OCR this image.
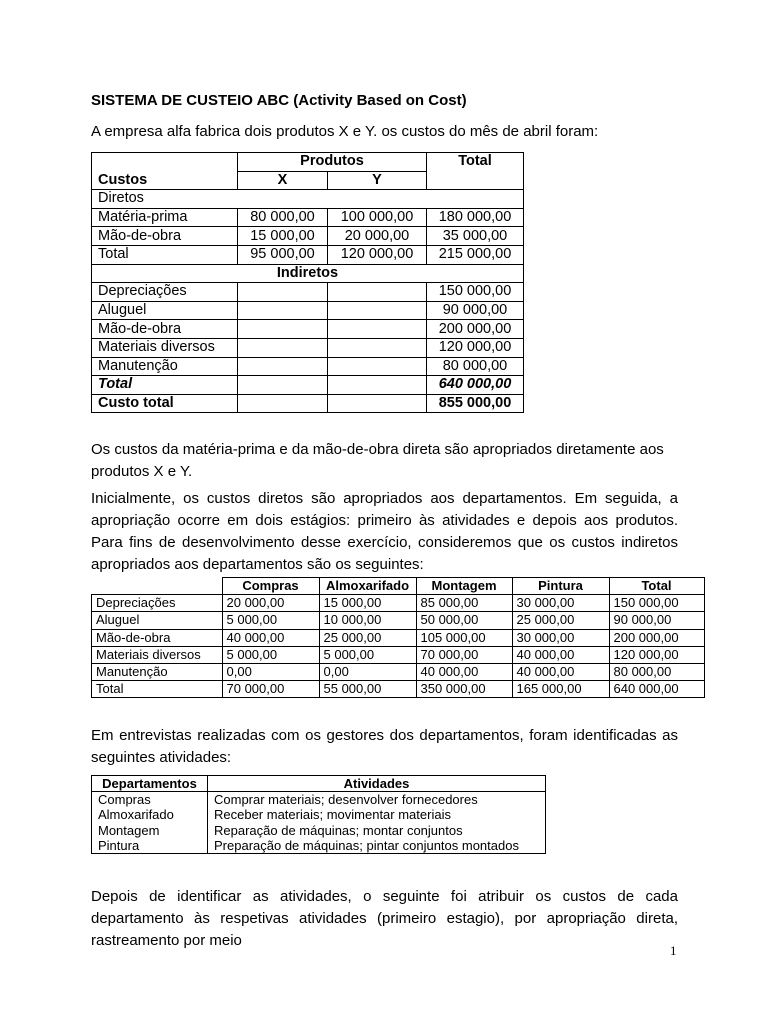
SISTEMA DE CUSTEIO ABC (Activity Based on Cost)
A empresa alfa fabrica dois produtos X e Y. os custos do mês de abril foram:
Custos	Produtos		Total
	X	Y	
Diretos			
Matéria-prima	80 000,00	100 000,00	180 000,00
Mão-de-obra	15 000,00	20 000,00	35 000,00
Total	95 000,00	120 000,00	215 000,00
Indiretos			
Depreciações			150 000,00
Aluguel			90 000,00
Mão-de-obra			200 000,00
Materiais diversos			120 000,00
Manutenção			80 000,00
Total			640 000,00
Custo total			855 000,00
Os custos da matéria-prima e da mão-de-obra direta são apropriados diretamente aos produtos X e Y.
Inicialmente, os custos diretos são apropriados aos departamentos. Em seguida, a apropriação ocorre em dois estágios: primeiro às atividades e depois aos produtos. Para fins de desenvolvimento desse exercício, consideremos que os custos indiretos apropriados aos departamentos são os seguintes:
	Compras	Almoxarifado	Montagem	Pintura	Total
Depreciações	20 000,00	15 000,00	85 000,00	30 000,00	150 000,00
Aluguel	5 000,00	10 000,00	50 000,00	25 000,00	90 000,00
Mão-de-obra	40 000,00	25 000,00	105 000,00	30 000,00	200 000,00
Materiais diversos	5 000,00	5 000,00	70 000,00	40 000,00	120 000,00
Manutenção	0,00	0,00	40 000,00	40 000,00	80 000,00
Total	70 000,00	55 000,00	350 000,00	165 000,00	640 000,00
Em entrevistas realizadas com os gestores dos departamentos, foram identificadas as seguintes atividades:
Departamentos	Atividades
Compras	Comprar materiais; desenvolver fornecedores
Almoxarifado	Receber materiais; movimentar materiais
Montagem	Reparação de máquinas; montar conjuntos
Pintura	Preparação de máquinas; pintar conjuntos montados
Depois de identificar as atividades, o seguinte foi atribuir os custos de cada departamento às respetivas atividades (primeiro estagio), por apropriação direta, rastreamento por meio
1
